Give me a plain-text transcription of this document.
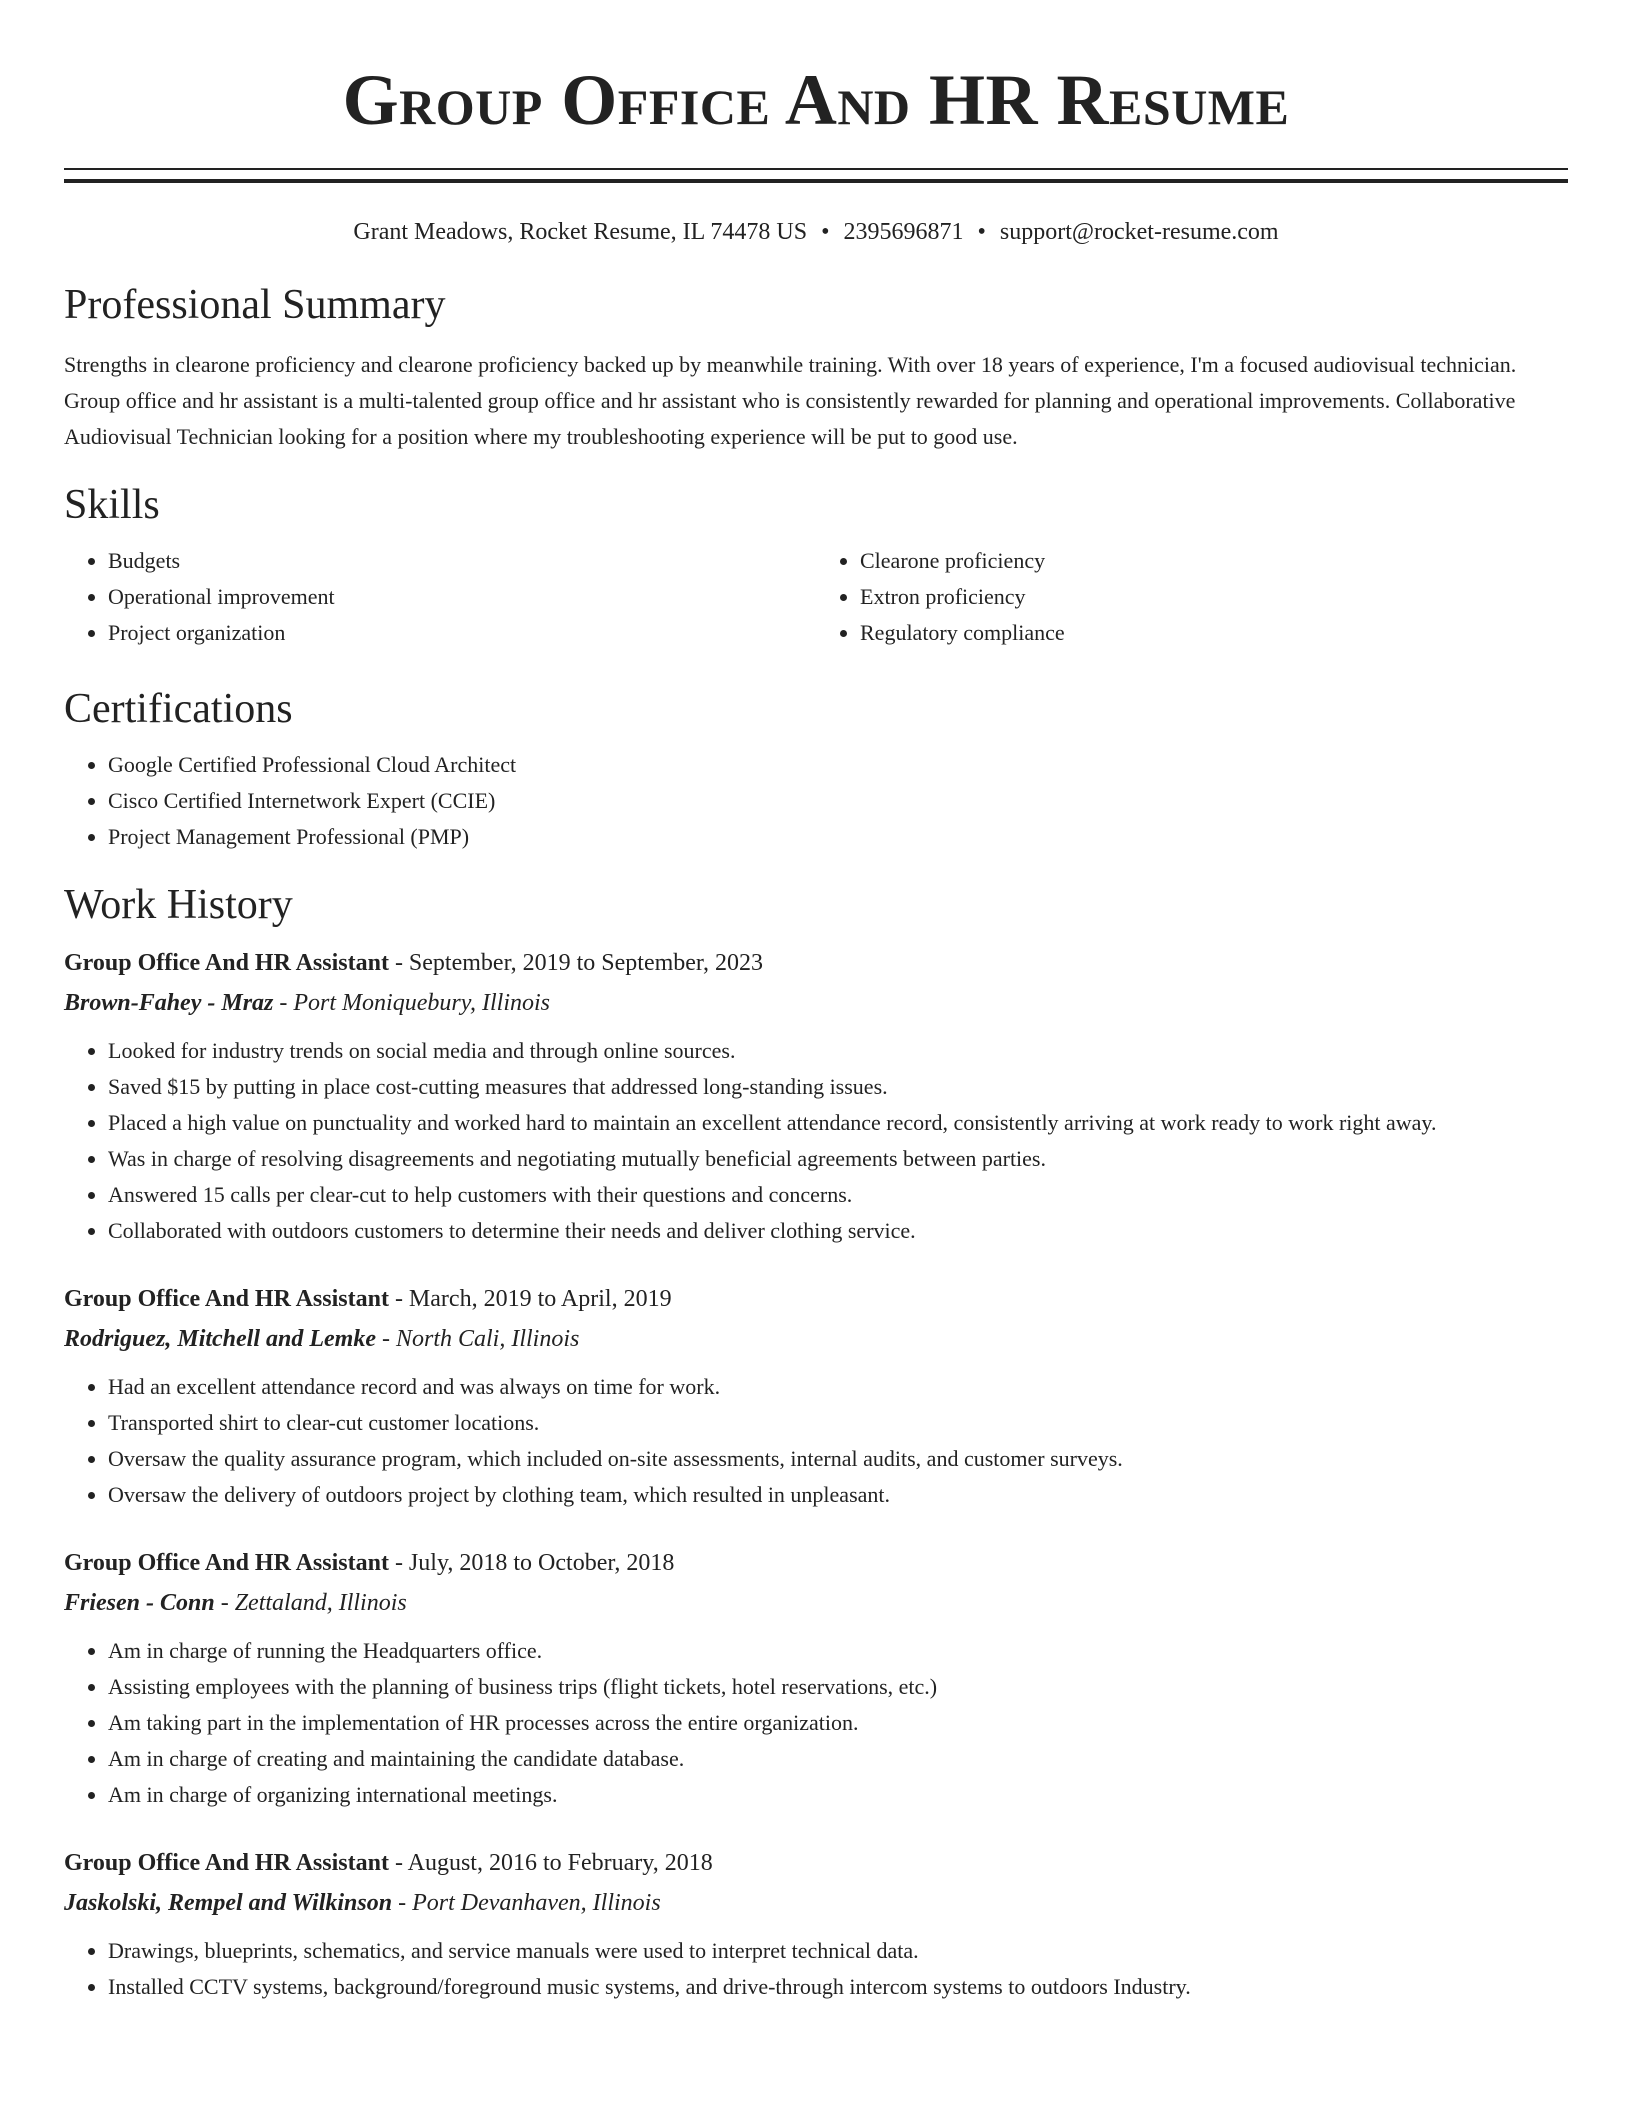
Group Office And HR Resume
Grant Meadows, Rocket Resume, IL 74478 US • 2395696871 • support@rocket-resume.com
Professional Summary

Strengths in clearone proficiency and clearone proficiency backed up by meanwhile training. With over 18 years of experience, I'm a focused audiovisual technician. Group office and hr assistant is a multi-talented group office and hr assistant who is consistently rewarded for planning and operational improvements. Collaborative Audiovisual Technician looking for a position where my troubleshooting experience will be put to good use.

Skills
• Budgets
• Operational improvement
• Project organization
• Clearone proficiency
• Extron proficiency
• Regulatory compliance
Certifications
• Google Certified Professional Cloud Architect
• Cisco Certified Internetwork Expert (CCIE)
• Project Management Professional (PMP)
Work History
Group Office And HR Assistant - September, 2019 to September, 2023
Brown-Fahey - Mraz - Port Moniquebury, Illinois
• Looked for industry trends on social media and through online sources.
• Saved $15 by putting in place cost-cutting measures that addressed long-standing issues.
• Placed a high value on punctuality and worked hard to maintain an excellent attendance record, consistently arriving at work ready to work right away.
• Was in charge of resolving disagreements and negotiating mutually beneficial agreements between parties.
• Answered 15 calls per clear-cut to help customers with their questions and concerns.
• Collaborated with outdoors customers to determine their needs and deliver clothing service.
Group Office And HR Assistant - March, 2019 to April, 2019
Rodriguez, Mitchell and Lemke - North Cali, Illinois
• Had an excellent attendance record and was always on time for work.
• Transported shirt to clear-cut customer locations.
• Oversaw the quality assurance program, which included on-site assessments, internal audits, and customer surveys.
• Oversaw the delivery of outdoors project by clothing team, which resulted in unpleasant.
Group Office And HR Assistant - July, 2018 to October, 2018
Friesen - Conn - Zettaland, Illinois
• Am in charge of running the Headquarters office.
• Assisting employees with the planning of business trips (flight tickets, hotel reservations, etc.)
• Am taking part in the implementation of HR processes across the entire organization.
• Am in charge of creating and maintaining the candidate database.
• Am in charge of organizing international meetings.
Group Office And HR Assistant - August, 2016 to February, 2018
Jaskolski, Rempel and Wilkinson - Port Devanhaven, Illinois
• Drawings, blueprints, schematics, and service manuals were used to interpret technical data.
• Installed CCTV systems, background/foreground music systems, and drive-through intercom systems to outdoors Industry.
